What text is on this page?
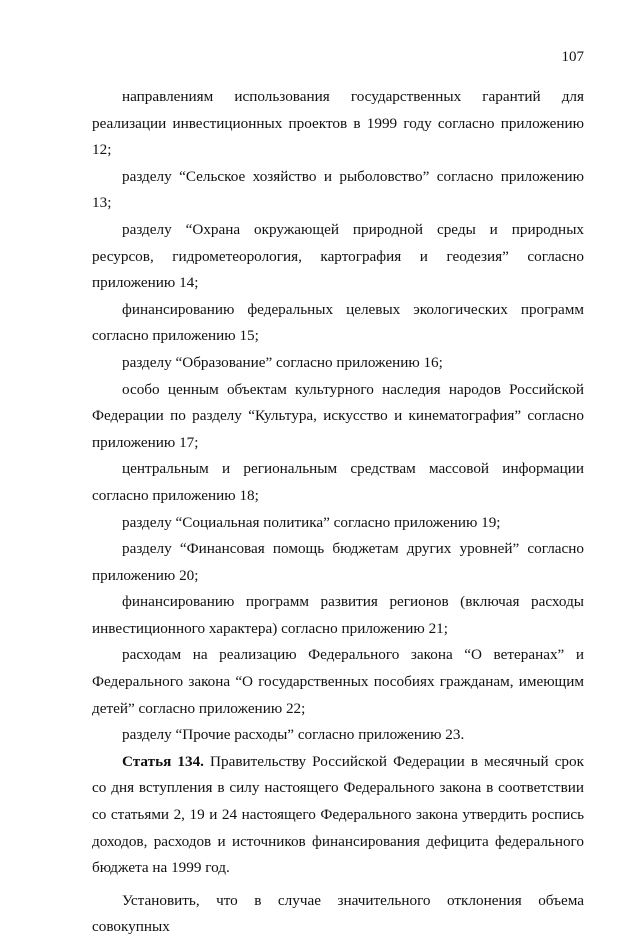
107

направлениям использования государственных гарантий для реализации инвестиционных проектов в 1999 году согласно приложению 12;

разделу “Сельское хозяйство и рыболовство” согласно приложению 13;

разделу “Охрана окружающей природной среды и природных ресурсов, гидрометеорология, картография и геодезия” согласно приложению 14;

финансированию федеральных целевых экологических программ согласно приложению 15;

разделу “Образование” согласно приложению 16;

особо ценным объектам культурного наследия народов Российской Федерации по разделу “Культура, искусство и кинематография” согласно приложению 17;

центральным и региональным средствам массовой информации согласно приложению 18;

разделу “Социальная политика” согласно приложению 19;

разделу “Финансовая помощь бюджетам других уровней” согласно приложению 20;

финансированию программ развития регионов (включая расходы инвестиционного характера) согласно приложению 21;

расходам на реализацию Федерального закона “О ветеранах” и Федерального закона “О государственных пособиях гражданам, имеющим детей” согласно приложению 22;

разделу “Прочие расходы” согласно приложению 23.

Статья 134. Правительству Российской Федерации в месячный срок со дня вступления в силу настоящего Федерального закона в соответствии со статьями 2, 19 и 24 настоящего Федерального закона утвердить роспись доходов, расходов и источников финансирования дефицита федерального бюджета на 1999 год.

Установить, что в случае значительного отклонения объема совокупных
